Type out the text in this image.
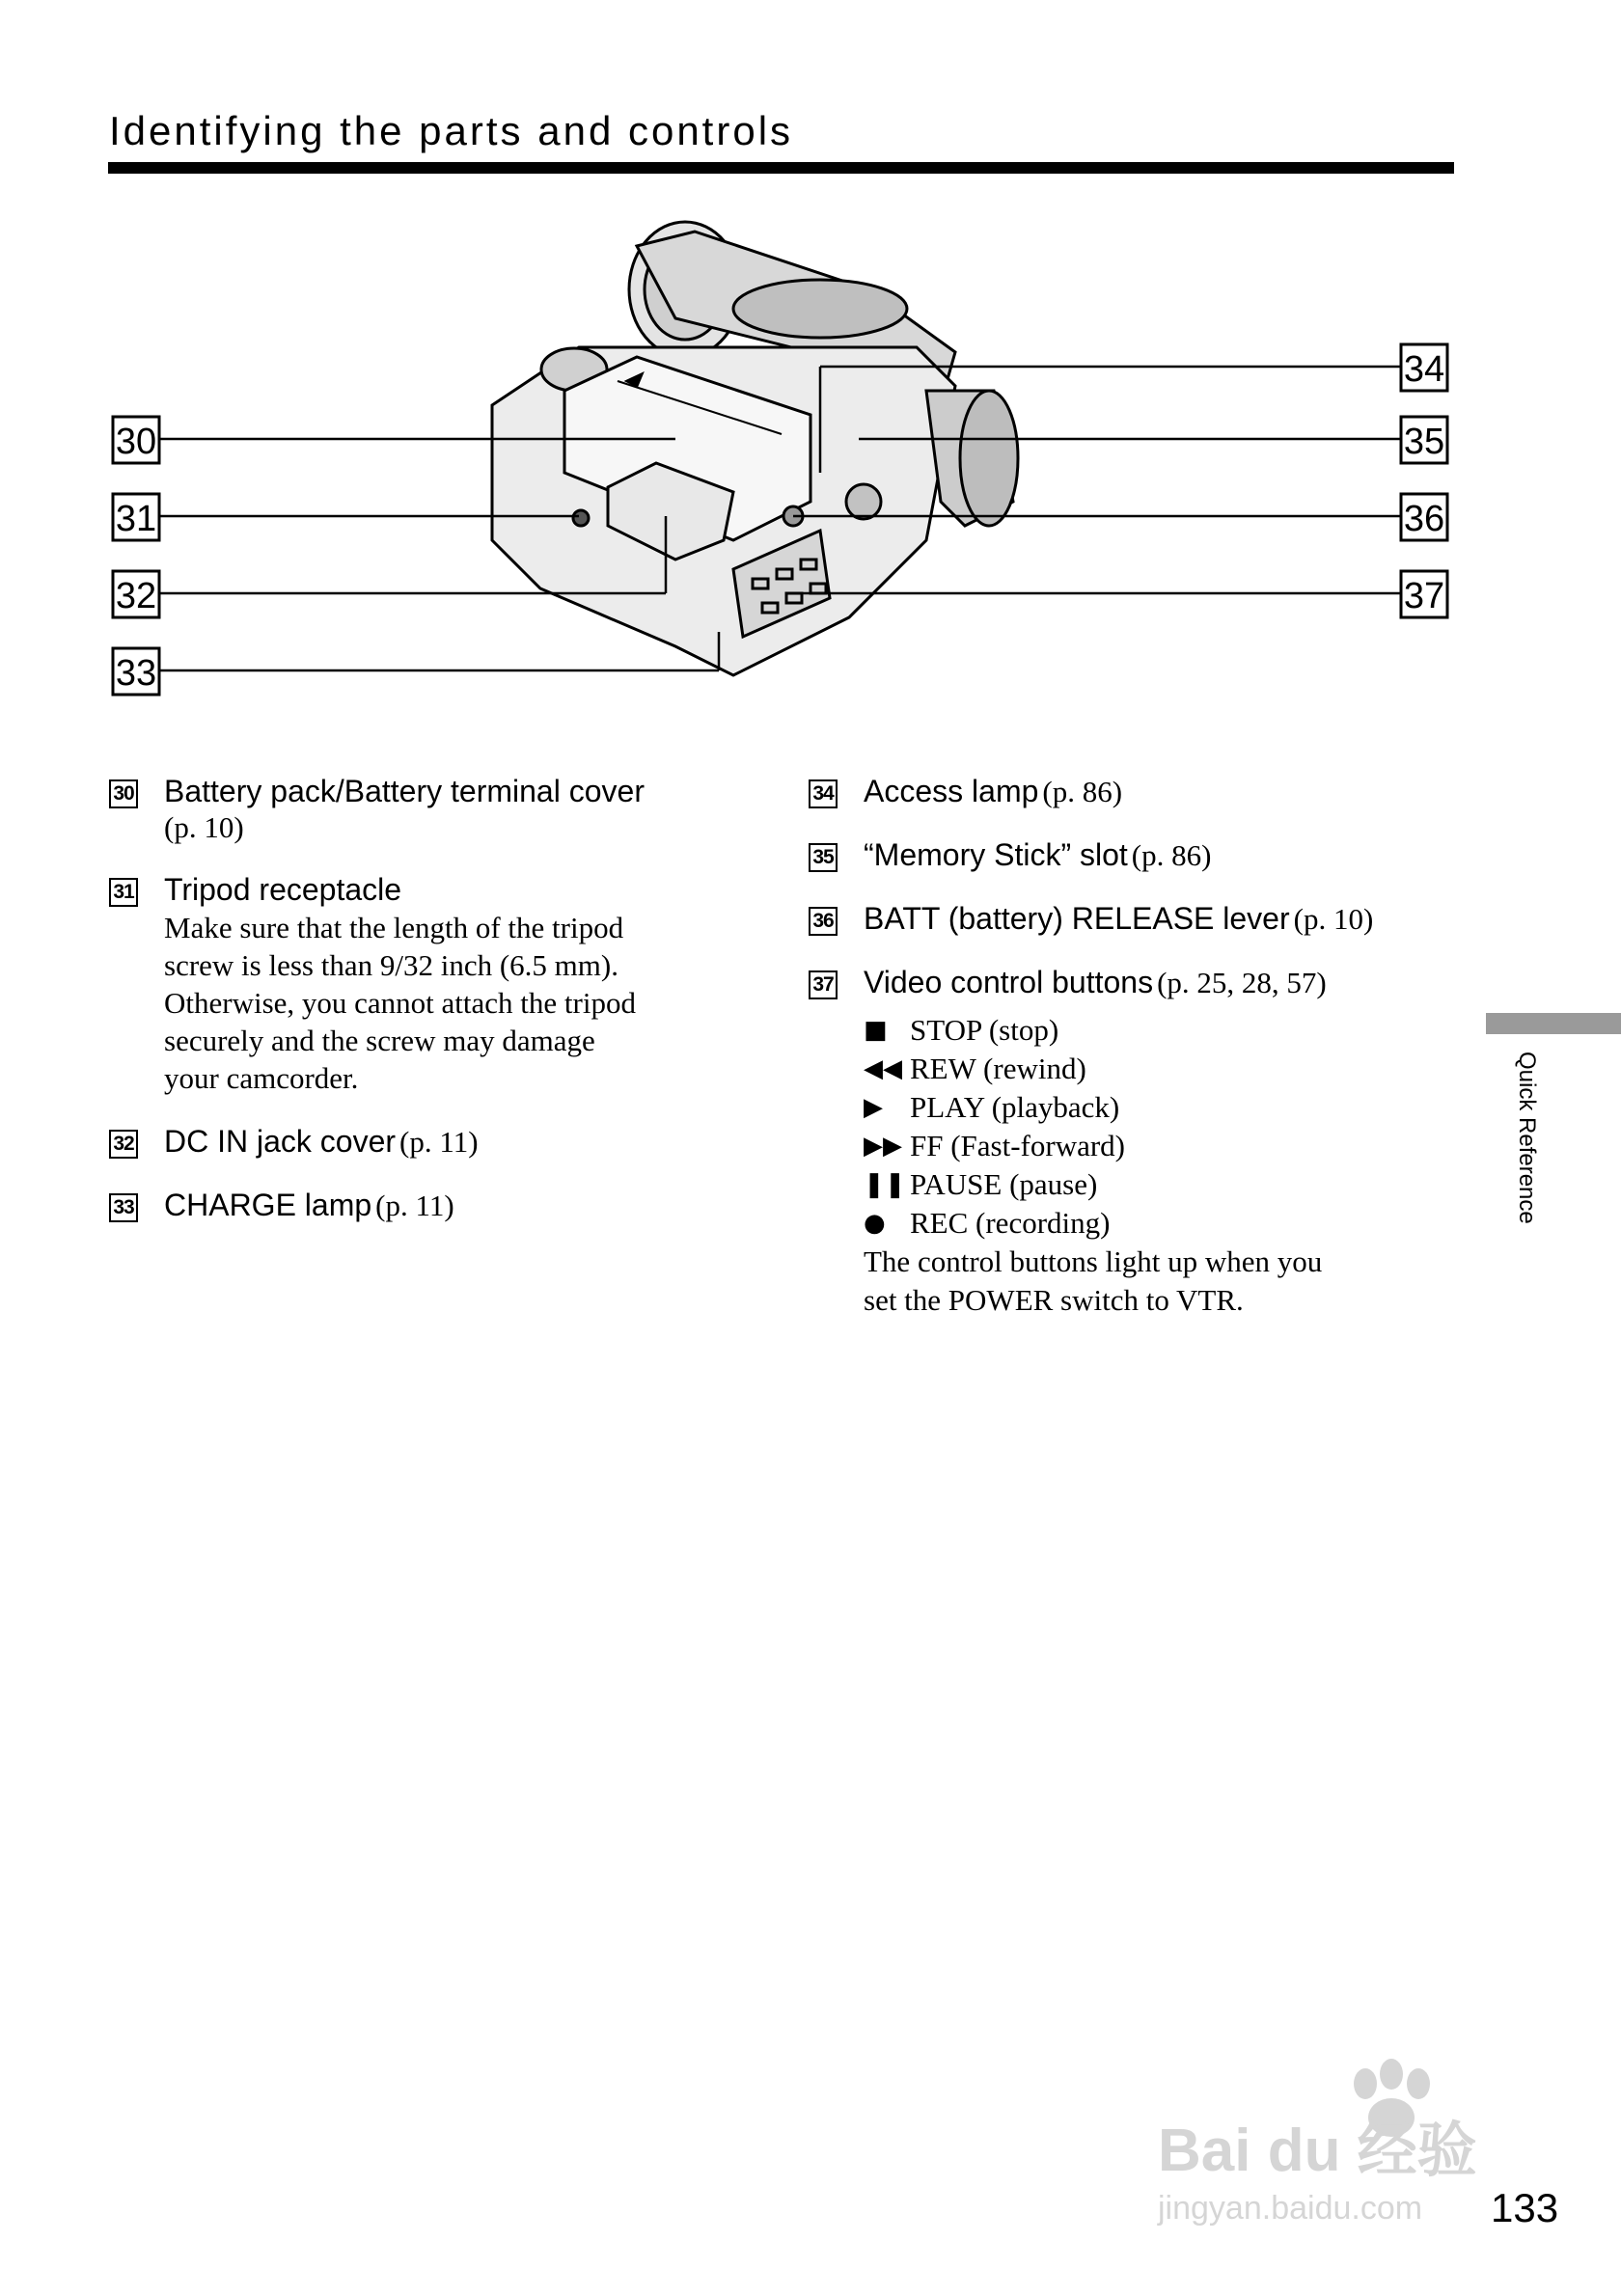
Identifying the parts and controls
30
31
32
33
34
35
36
37
30 Battery pack/Battery terminal cover
(p. 10)
31 Tripod receptacle
Make sure that the length of the tripod
screw is less than 9/32 inch (6.5 mm).
Otherwise, you cannot attach the tripod
securely and the screw may damage
your camcorder.
32 DC IN jack cover (p. 11)
33 CHARGE lamp (p. 11)
34 Access lamp (p. 86)
35 “Memory Stick” slot (p. 86)
36 BATT (battery) RELEASE lever (p. 10)
37 Video control buttons (p. 25, 28, 57)
■ STOP (stop)
◀◀ REW (rewind)
▶ PLAY (playback)
▶▶ FF (Fast-forward)
❚❚ PAUSE (pause)
● REC (recording)
The control buttons light up when you
set the POWER switch to VTR.
Quick Reference
Bai du 经验
jingyan.baidu.com 133
